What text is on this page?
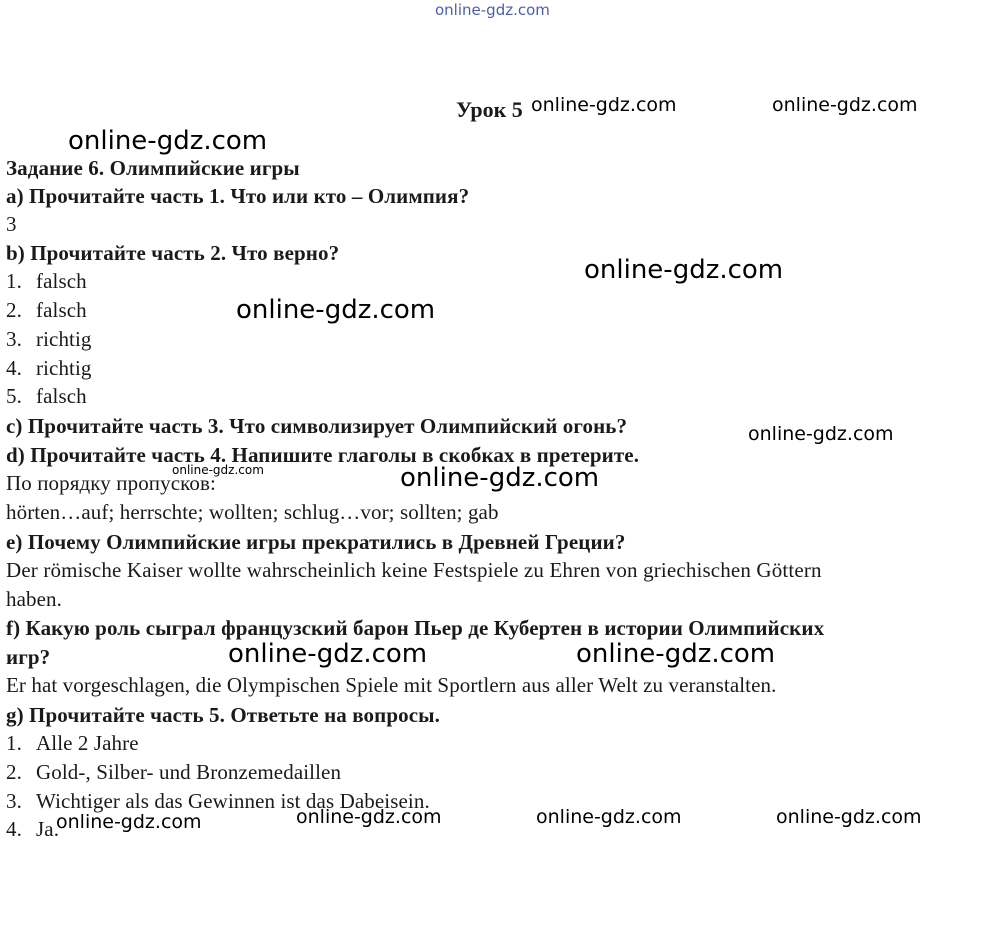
online-gdz.com
Урок 5 online-gdz.com	online-gdz.com
online-gdz.com
Задание 6. Олимпийские игры
a) Прочитайте часть 1. Что или кто – Олимпия?
3
b) Прочитайте часть 2. Что верно?
1. falsch
2. falsch
3. richtig
4. richtig
5. falsch
online-gdz.com
online-gdz.com
c) Прочитайте часть 3. Что символизирует Олимпийский огонь?	online-gdz.com
d) Прочитайте часть 4. Напишите глаголы в скобках в претерите.
online-gdz.com	online-gdz.com
По порядку пропусков:
hörten…auf; herrschte; wollten; schlug…vor; sollten; gab
e) Почему Олимпийские игры прекратились в Древней Греции?
Der römische Kaiser wollte wahrscheinlich keine Festspiele zu Ehren von griechischen Göttern
haben.
f) Какую роль сыграл французский барон Пьер де Кубертен в истории Олимпийских
игр?	online-gdz.com	online-gdz.com
Er hat vorgeschlagen, die Olympischen Spiele mit Sportlern aus aller Welt zu veranstalten.
g) Прочитайте часть 5. Ответьте на вопросы.
1. Alle 2 Jahre
2. Gold-, Silber- und Bronzemedaillen
3. Wichtiger als das Gewinnen ist das Dabeisein.
4. Ja.
online-gdz.com	online-gdz.com	online-gdz.com	online-gdz.com
